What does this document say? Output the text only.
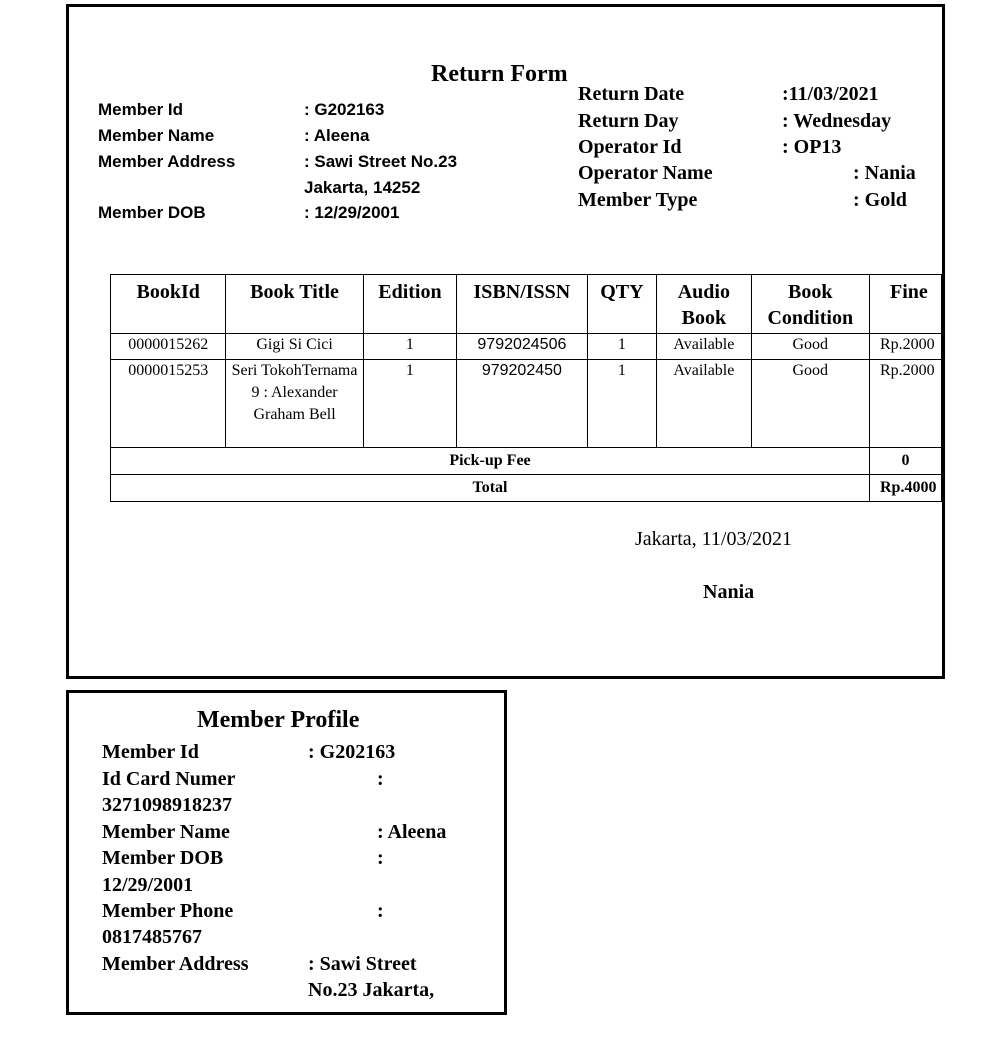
Return Form
Member Id	: G202163
Member Name	: Aleena
Member Address	: Sawi Street No.23
Jakarta, 14252
Member DOB	: 12/29/2001
Return Date	:11/03/2021
Return Day	: Wednesday
Operator Id	: OP13
Operator Name	: Nania
Member Type	: Gold
BookId	Book Title	Edition	ISBN/ISSN	QTY	Audio Book	Book Condition	Fine
0000015262	Gigi Si Cici	1	9792024506	1	Available	Good	Rp.2000
0000015253	Seri TokohTernama 9 : Alexander Graham Bell	1	979202450	1	Available	Good	Rp.2000
Pick-up Fee							0
Total							Rp.4000
Jakarta, 11/03/2021
Nania
Member Profile
Member Id	: G202163
Id Card Numer	:
3271098918237
Member Name	: Aleena
Member DOB	:
12/29/2001
Member Phone	:
0817485767
Member Address	: Sawi Street
No.23 Jakarta,
